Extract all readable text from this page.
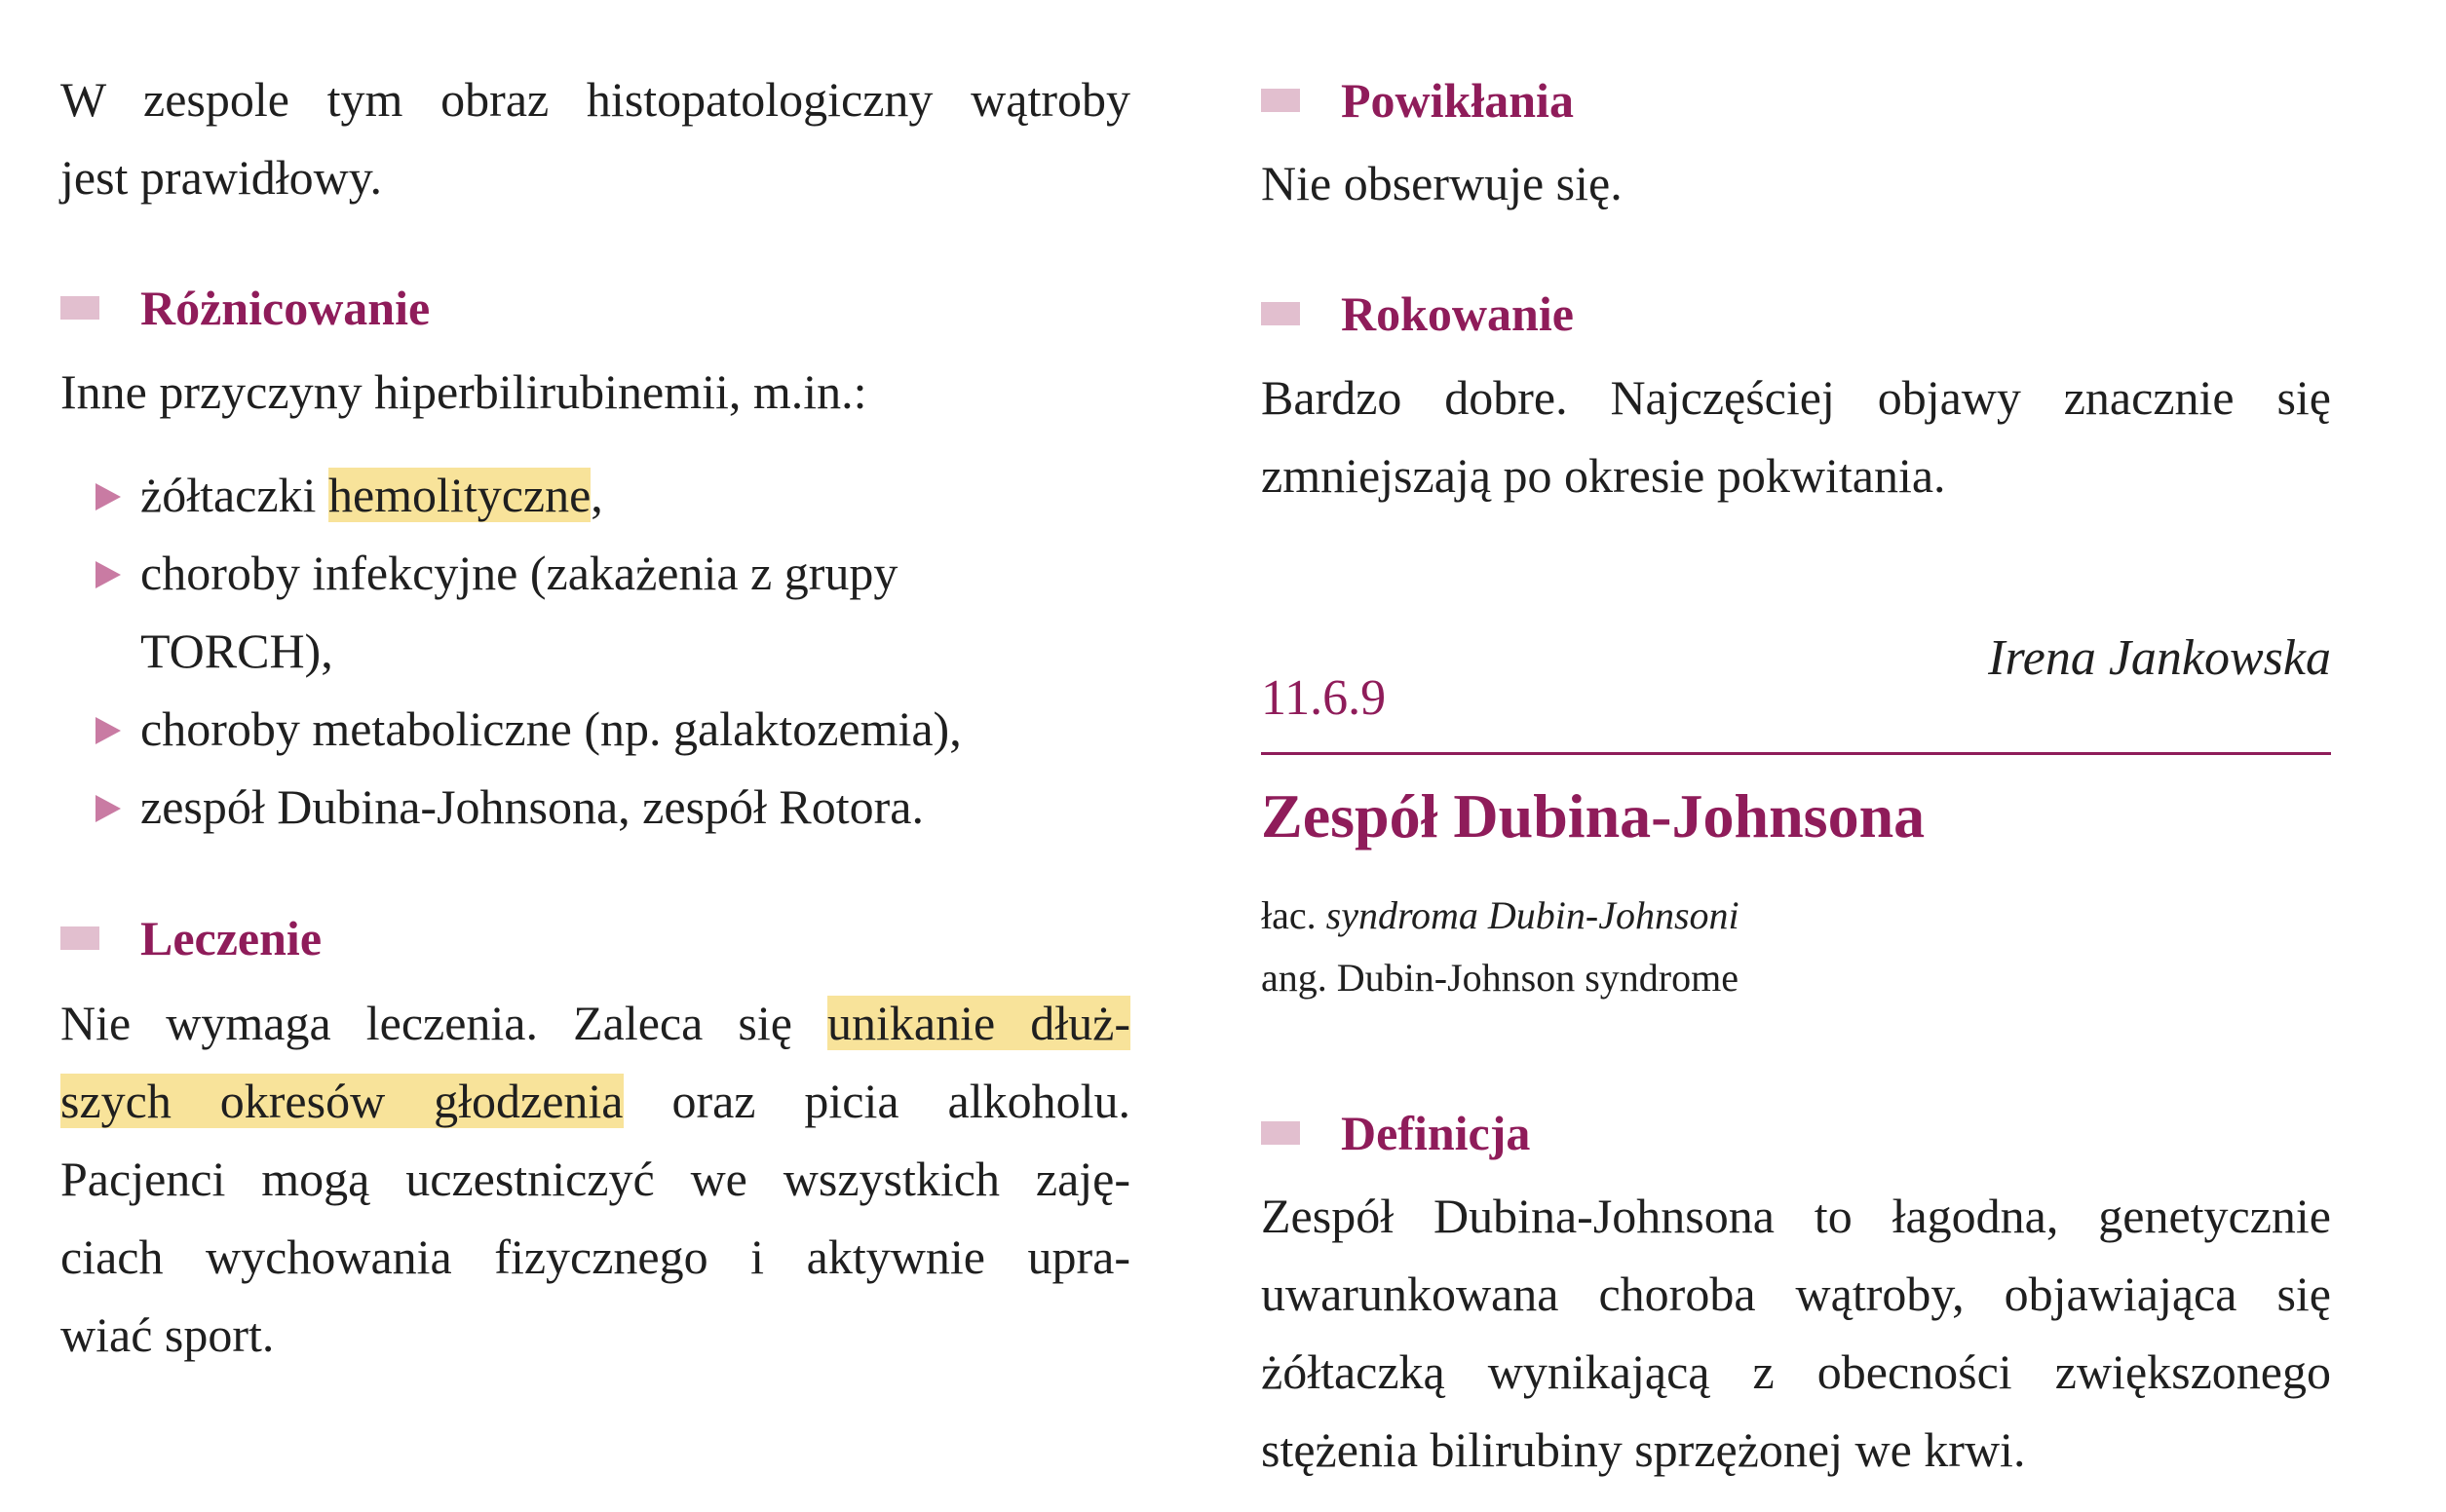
W zespole tym obraz histopatologiczny wątroby
jest prawidłowy.

Różnicowanie

Inne przyczyny hiperbilirubinemii, m.in.:

żółtaczki hemolityczne,
choroby infekcyjne (zakażenia z grupy
TORCH),
choroby metaboliczne (np. galaktozemia),
zespół Dubina-Johnsona, zespół Rotora.
Leczenie
Nie wymaga leczenia. Zaleca się unikanie dłuż-
szych okresów głodzenia oraz picia alkoholu.
Pacjenci mogą uczestniczyć we wszystkich zaję-
ciach wychowania fizycznego i aktywnie upra-
wiać sport.
Powikłania

Nie obserwuje się.

Rokowanie
Bardzo dobre. Najczęściej objawy znacznie się
zmniejszają po okresie pokwitania.
Irena Jankowska
11.6.9
Zespół Dubina-Johnsona
łac. syndroma Dubin-Johnsoni
ang. Dubin-Johnson syndrome
Definicja
Zespół Dubina-Johnsona to łagodna, genetycznie
uwarunkowana choroba wątroby, objawiająca się
żółtaczką wynikającą z obecności zwiększonego
stężenia bilirubiny sprzężonej we krwi.
